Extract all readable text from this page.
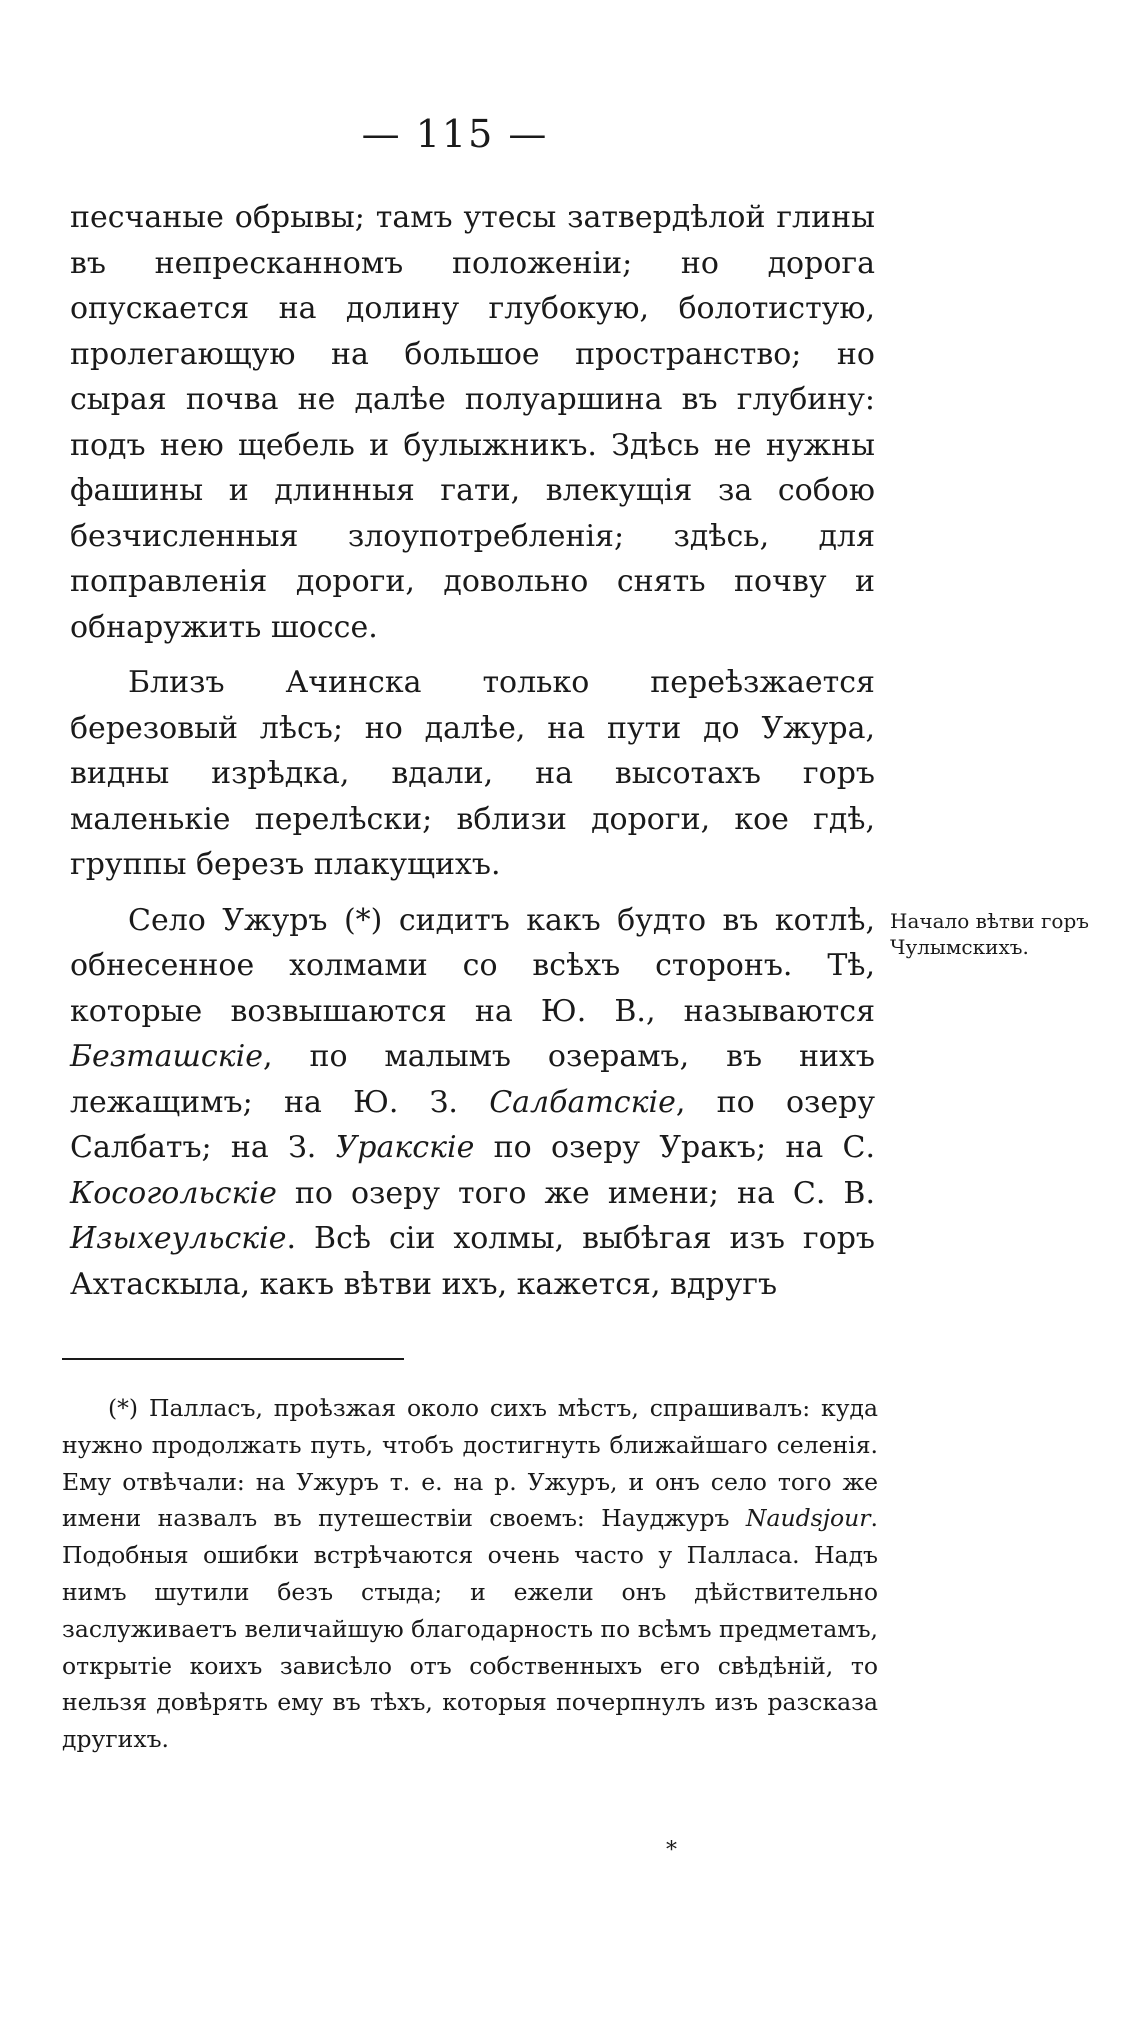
— 115 —

песчаные обрывы; тамъ утесы затвердѣлой глины въ непресканномъ положенiи; но дорога опускается на долину глубокую, болотистую, пролегающую на большое пространство; но сырая почва не далѣе полуаршина въ глубину: подъ нею щебель и булыжникъ. Здѣсь не нужны фашины и длинныя гати, влекущiя за собою безчисленныя злоупотребленiя; здѣсь, для поправленiя дороги, довольно снять почву и обнаружить шоссе.

Близъ Ачинска только переѣзжается березовый лѣсъ; но далѣе, на пути до Ужура, видны изрѣдка, вдали, на высотахъ горъ маленькiе перелѣски; вблизи дороги, кое гдѣ, группы березъ плакущихъ.

Село Ужуръ (*) сидитъ какъ будто въ котлѣ, обнесенное холмами со всѣхъ сторонъ. Тѣ, которые возвышаются на Ю. В., называются Безташскiе, по малымъ озерамъ, въ нихъ лежащимъ; на Ю. З. Салбатскiе, по озеру Салбатъ; на З. Уракскiе по озеру Уракъ; на С. Косогольскiе по озеру того же имени; на С. В. Изыхеульскiе. Всѣ сiи холмы, выбѣгая изъ горъ Ахтаскыла, какъ вѣтви ихъ, кажется, вдругъ

Начало вѣтви горъ Чулымскихъ.

(*) Палласъ, проѣзжая около сихъ мѣстъ, спрашивалъ: куда нужно продолжать путь, чтобъ достигнуть ближайшаго селенiя. Ему отвѣчали: на Ужуръ т. е. на р. Ужуръ, и онъ село того же имени назвалъ въ путешествiи своемъ: Науджуръ Naudsjour. Подобныя ошибки встрѣчаются очень часто у Палласа. Надъ нимъ шутили безъ стыда; и ежели онъ дѣйствительно заслуживаетъ величайшую благодарность по всѣмъ предметамъ, открытiе коихъ зависѣло отъ собственныхъ его свѣдѣнiй, то нельзя довѣрять ему въ тѣхъ, которыя почерпнулъ изъ разсказа другихъ.

*
